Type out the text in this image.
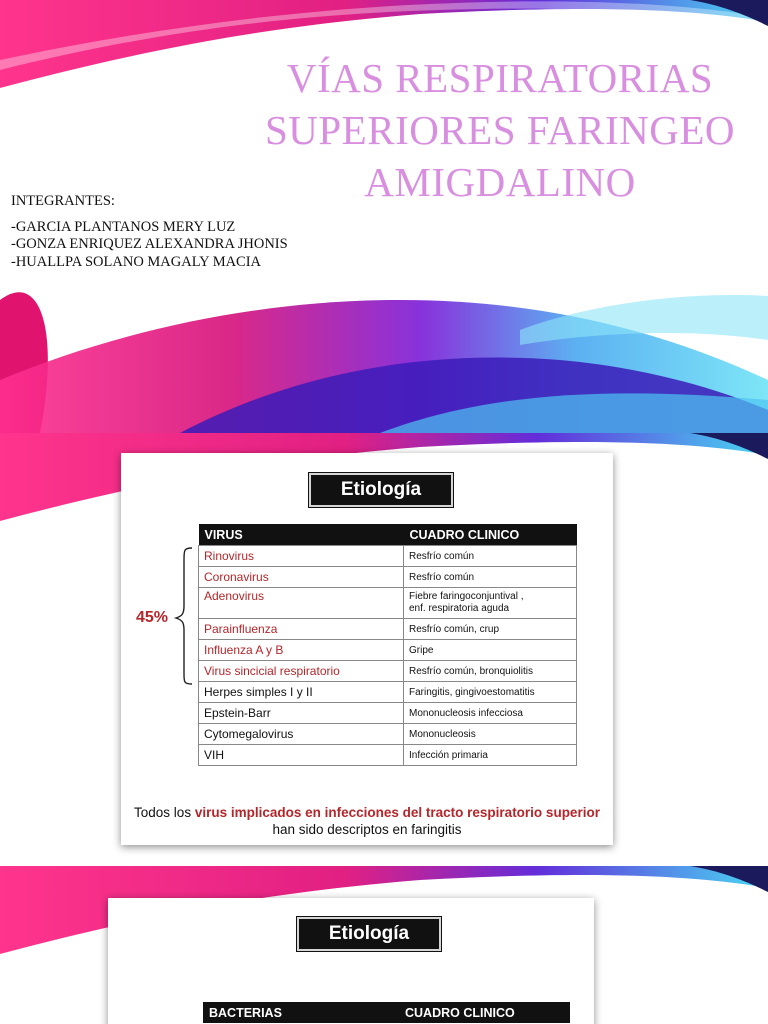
VÍAS RESPIRATORIAS
SUPERIORES FARINGEO
AMIGDALINO
INTEGRANTES:
-GARCIA PLANTANOS MERY LUZ
-GONZA ENRIQUEZ ALEXANDRA JHONIS
-HUALLPA SOLANO MAGALY MACIA
Etiología
45%
VIRUS	CUADRO CLINICO
Rinovirus	Resfrío común
Coronavirus	Resfrío común
Adenovirus	Fiebre faringoconjuntival ,
enf. respiratoria aguda

Parainfluenza	Resfrío común, crup
Influenza A y B	Gripe
Virus sincicial respiratorio	Resfrío común, bronquiolitis
Herpes simples I y II	Faringitis, gingivoestomatitis
Epstein-Barr	Mononucleosis infecciosa
Cytomegalovirus	Mononucleosis
VIH	Infección primaria
Todos los virus implicados en infecciones del tracto respiratorio superior
han sido descriptos en faringitis
Etiología
BACTERIAS	CUADRO CLINICO
